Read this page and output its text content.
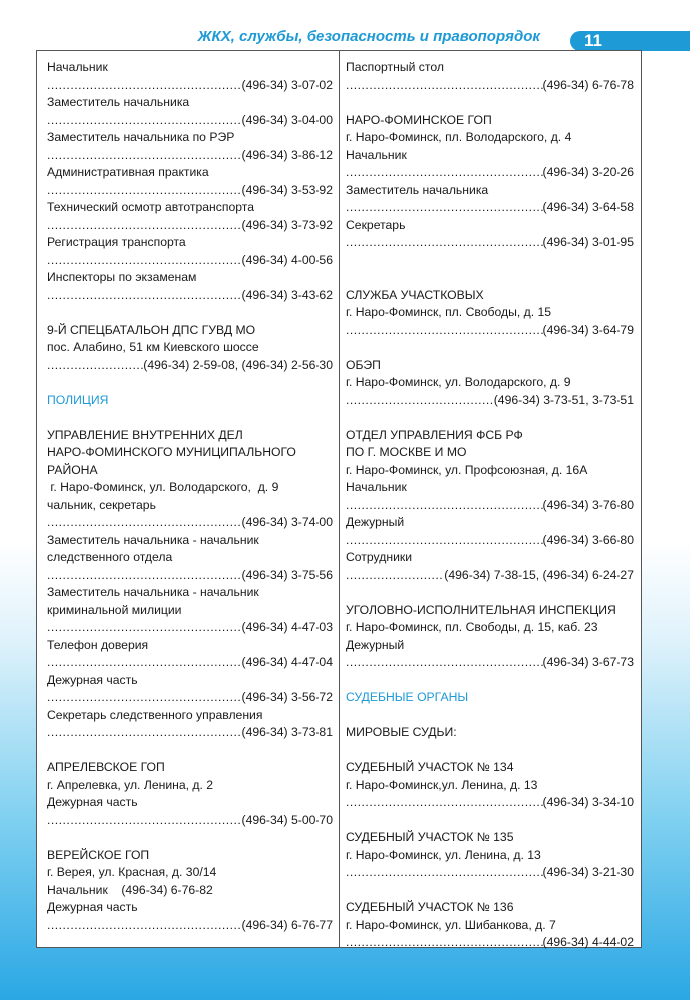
ЖКХ, службы, безопасность и правопорядок	11
Начальник
.....
(496-34) 3-07-02
Заместитель начальника
.....
(496-34) 3-04-00
Заместитель начальника по РЭР
.....
(496-34) 3-86-12
Административная практика
.....
(496-34) 3-53-92
Технический осмотр автотранспорта
.....
(496-34) 3-73-92
Регистрация транспорта
.....
(496-34) 4-00-56
Инспекторы по экзаменам
.....
(496-34) 3-43-62
9-Й СПЕЦБАТАЛЬОН ДПС ГУВД МО
пос. Алабино, 51 км Киевского шоссе
.....
(496-34) 2-59-08, (496-34) 2-56-30
ПОЛИЦИЯ
УПРАВЛЕНИЕ ВНУТРЕННИХ ДЕЛ
НАРО-ФОМИНСКОГО МУНИЦИПАЛЬНОГО
РАЙОНА
г. Наро-Фоминск, ул. Володарского,  д. 9
чальник, секретарь
.....
(496-34) 3-74-00
Заместитель начальника - начальник
следственного отдела
.....
(496-34) 3-75-56
Заместитель начальника - начальник
криминальной милиции
.....
(496-34) 4-47-03
Телефон доверия
.....
(496-34) 4-47-04
Дежурная часть
.....
(496-34) 3-56-72
Секретарь следственного управления
.....
(496-34) 3-73-81
АПРЕЛЕВСКОЕ ГОП
г. Апрелевка, ул. Ленина, д. 2
Дежурная часть
.....
(496-34) 5-00-70
ВЕРЕЙСКОЕ ГОП
г. Верея, ул. Красная, д. 30/14
Начальник    (496-34) 6-76-82
Дежурная часть
.....
(496-34) 6-76-77
Паспортный стол
.....
(496-34) 6-76-78
НАРО-ФОМИНСКОЕ ГОП
г. Наро-Фоминск, пл. Володарского, д. 4
Начальник
.....
(496-34) 3-20-26
Заместитель начальника
.....
(496-34) 3-64-58
Секретарь
.....
(496-34) 3-01-95
СЛУЖБА УЧАСТКОВЫХ
г. Наро-Фоминск, пл. Свободы, д. 15
.....
(496-34) 3-64-79
ОБЭП
г. Наро-Фоминск, ул. Володарского, д. 9
.....
(496-34) 3-73-51, 3-73-51
ОТДЕЛ УПРАВЛЕНИЯ ФСБ РФ
ПО Г. МОСКВЕ И МО
г. Наро-Фоминск, ул. Профсоюзная, д. 16А
Начальник
.....
(496-34) 3-76-80
Дежурный
.....
(496-34) 3-66-80
Сотрудники
.....
(496-34) 7-38-15, (496-34) 6-24-27
УГОЛОВНО-ИСПОЛНИТЕЛЬНАЯ ИНСПЕКЦИЯ
г. Наро-Фоминск, пл. Свободы, д. 15, каб. 23
Дежурный
.....
(496-34) 3-67-73
СУДЕБНЫЕ ОРГАНЫ
МИРОВЫЕ СУДЬИ:
СУДЕБНЫЙ УЧАСТОК № 134
г. Наро-Фоминск,ул. Ленина, д. 13
.....
(496-34) 3-34-10
СУДЕБНЫЙ УЧАСТОК № 135
г. Наро-Фоминск, ул. Ленина, д. 13
.....
(496-34) 3-21-30
СУДЕБНЫЙ УЧАСТОК № 136
г. Наро-Фоминск, ул. Шибанкова, д. 7
.....
(496-34) 4-44-02
